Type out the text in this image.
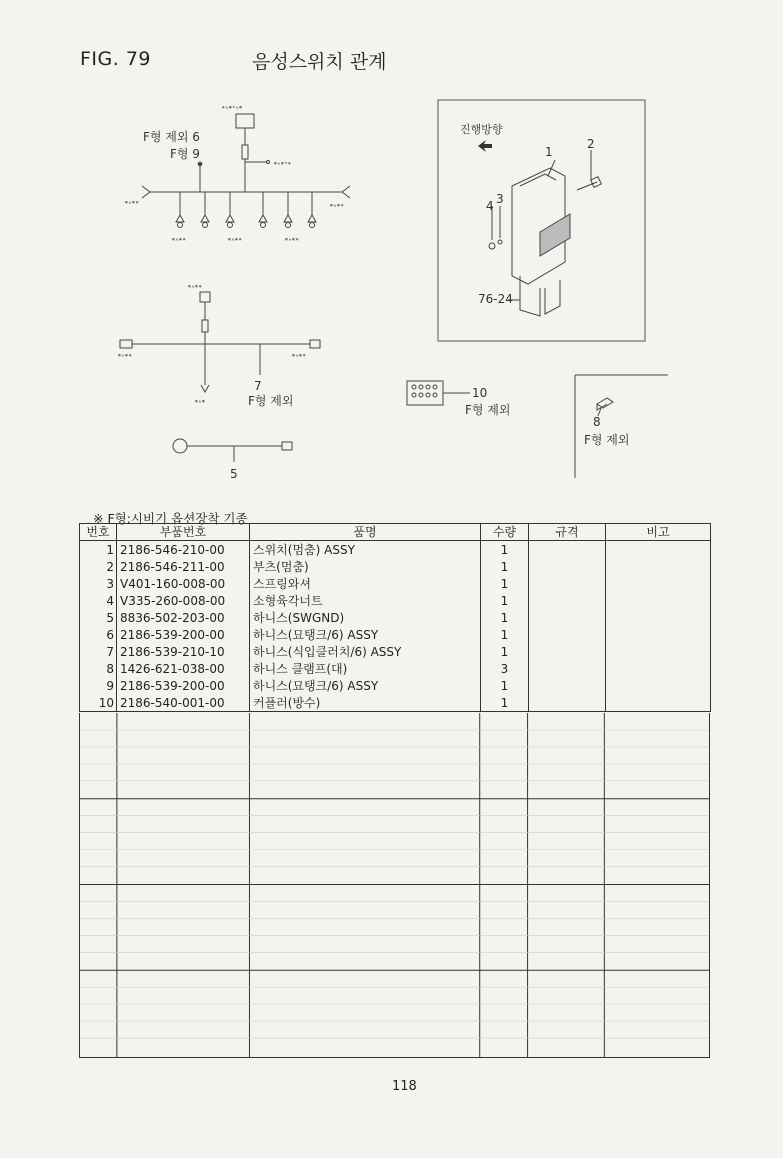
FIG. 79	음성스위치 관계
● ▲ ■ ▼ ▲ ■
■ ▲ ■ ▼ ●
■ ▲ ■ ●
■ ▲ ■ ●
■ ▲ ■ ●	■ ▲ ■ ●	■ ▲ ■ ●
F형 제외 6
F형 9
■ ▲ ■ ●
■ ▲ ■ ●	■ ▲ ■ ●
■ ▲ ■
7
F형 제외
5
진행방향
1
2
3
4
76-24
10
F형 제외
8
F형 제외
※ F형:시비기 옵션장착 기종
번호	부품번호	품명	수량	규격	비고
1	2186-546-210-00	스위치(멈춤) ASSY	1		
2	2186-546-211-00	부츠(멈춤)	1		
3	V401-160-008-00	스프링와셔	1		
4	V335-260-008-00	소형육각너트	1		
5	8836-502-203-00	하니스(SWGND)	1		
6	2186-539-200-00	하니스(묘탱크/6) ASSY	1		
7	2186-539-210-10	하니스(식입클러치/6) ASSY	1		
8	1426-621-038-00	하니스 클램프(대)	3		
9	2186-539-200-00	하니스(묘탱크/6) ASSY	1		
10	2186-540-001-00	커플러(방수)	1		
118
